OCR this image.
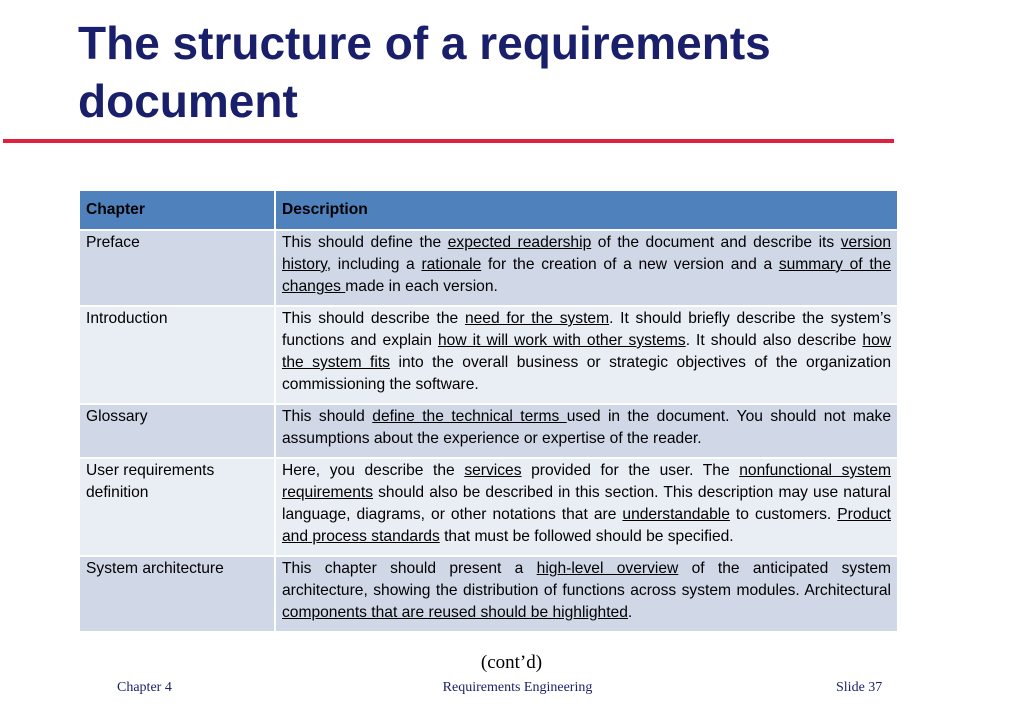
The structure of a requirements document
Chapter	Description
Preface	This should define the expected readership of the document and describe its version history, including a rationale for the creation of a new version and a summary of the changes made in each version.
Introduction	This should describe the need for the system. It should briefly describe the system’s functions and explain how it will work with other systems. It should also describe how the system fits into the overall business or strategic objectives of the organization commissioning the software.
Glossary	This should define the technical terms used in the document. You should not make assumptions about the experience or expertise of the reader.
User requirements definition	Here, you describe the services provided for the user. The nonfunctional system requirements should also be described in this section. This description may use natural language, diagrams, or other notations that are understandable to customers. Product and process standards that must be followed should be specified.
System architecture	This chapter should present a high-level overview of the anticipated system architecture, showing the distribution of functions across system modules. Architectural components that are reused should be highlighted.
(cont’d)
Chapter 4	Requirements Engineering	Slide 37
